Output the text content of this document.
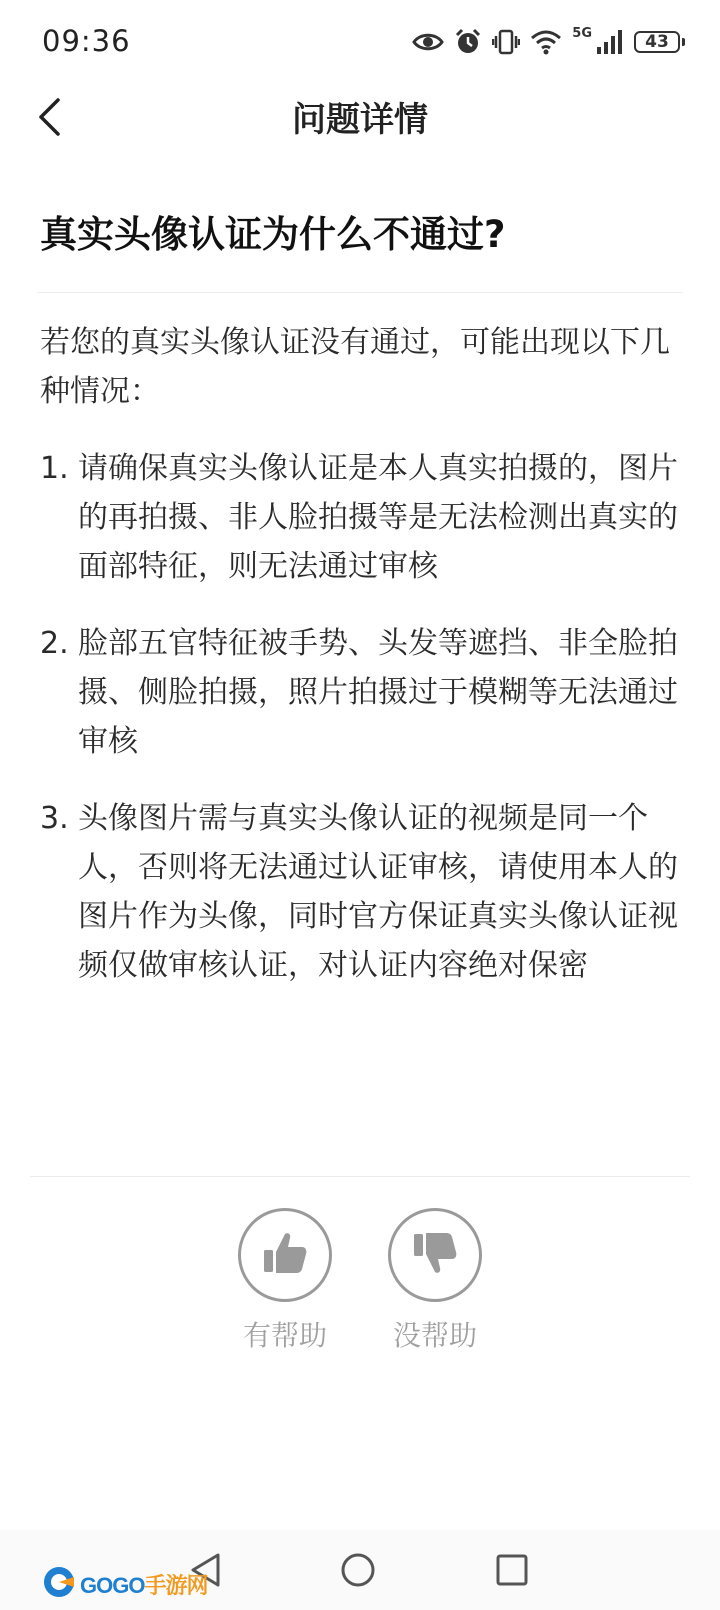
09:36	5G	43
问题详情
真实头像认证为什么不通过?

若您的真实头像认证没有通过，可能出现以下几种情况：

1. 请确保真实头像认证是本人真实拍摄的，图片的再拍摄、非人脸拍摄等是无法检测出真实的面部特征，则无法通过审核
2. 脸部五官特征被手势、头发等遮挡、非全脸拍摄、侧脸拍摄，照片拍摄过于模糊等无法通过审核
3. 头像图片需与真实头像认证的视频是同一个人，否则将无法通过认证审核，请使用本人的图片作为头像，同时官方保证真实头像认证视频仅做审核认证，对认证内容绝对保密
有帮助	没帮助
GOGO手游网
